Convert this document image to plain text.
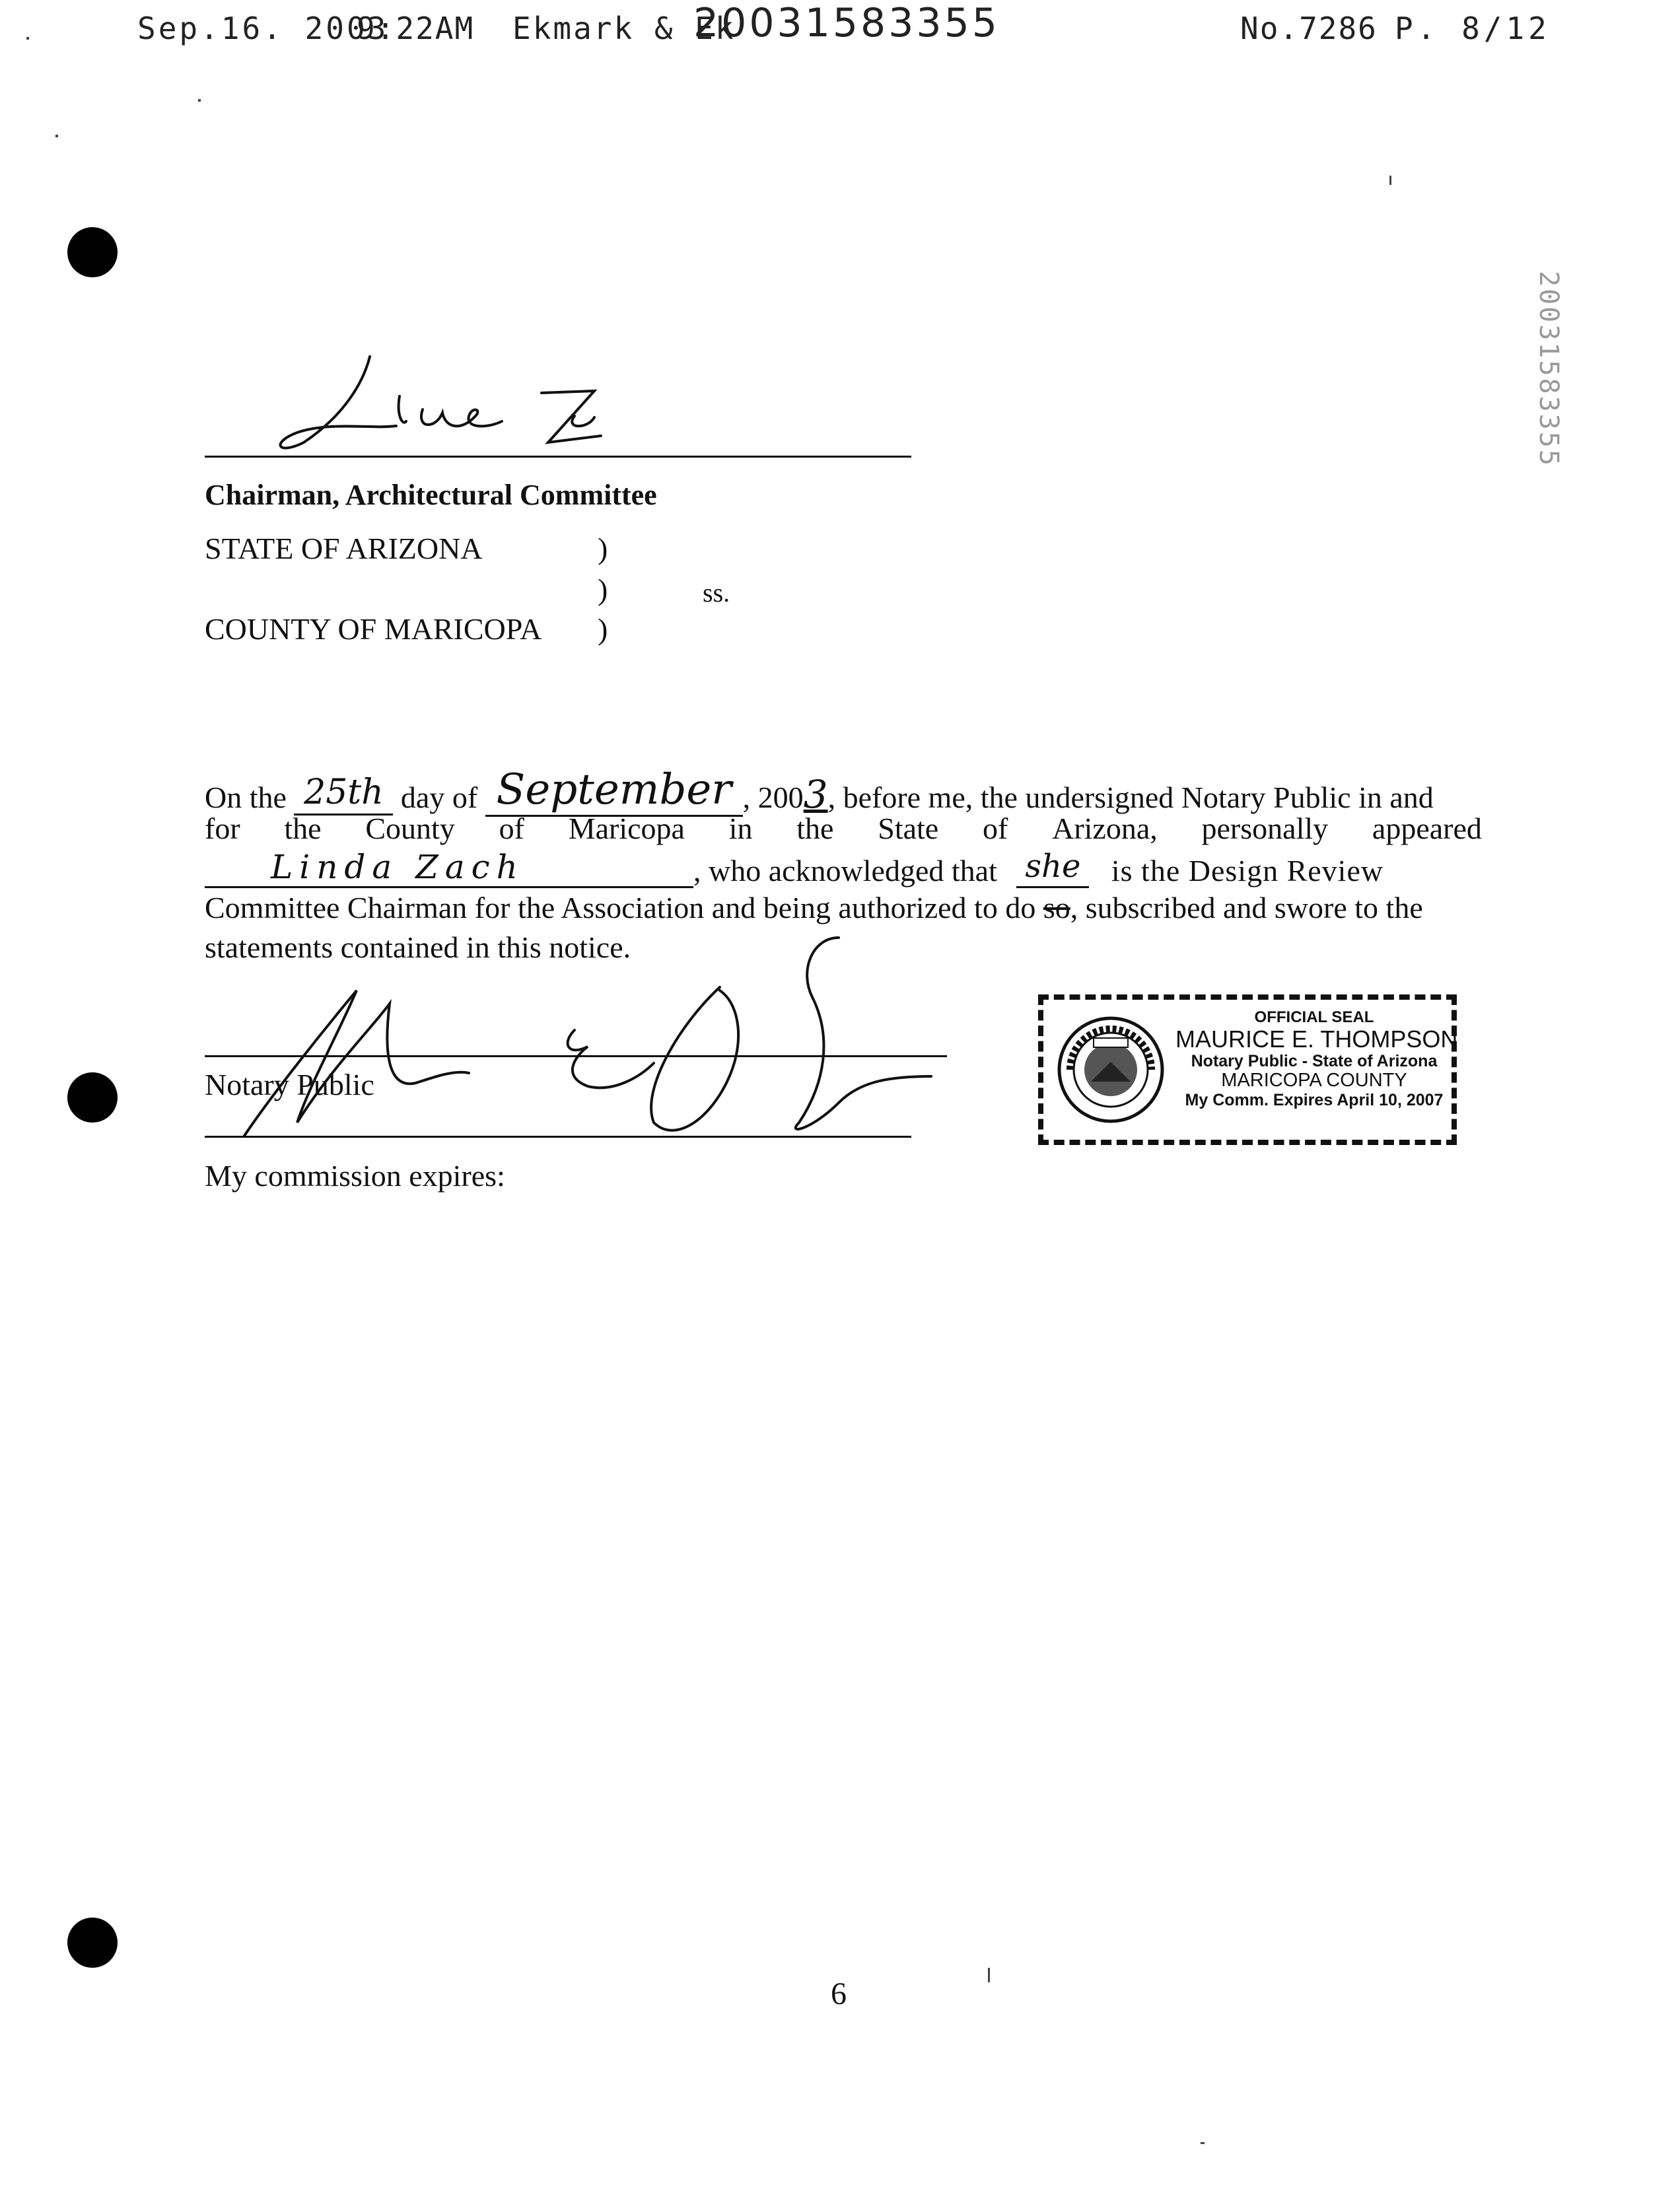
Sep.16. 2003
9:22AM Ekmark & Ek
20031583355	No.7286 P. 8/12
20031583355
Chairman, Architectural Committee
STATE OF ARIZONA	)
)	ss.
COUNTY OF MARICOPA )
On the 25th day of September , 2003, before me, the undersigned Notary Public in and
for the County of Maricopa in the State of Arizona, personally appeared
Linda Zach	, who acknowledged that she is the Design Review
Committee Chairman for the Association and being authorized to do so, subscribed and swore to the
statements contained in this notice.
Notary Public
My commission expires:
OFFICIAL SEAL
MAURICE E. THOMPSON
Notary Public - State of Arizona
MARICOPA COUNTY
My Comm. Expires April 10, 2007
6
